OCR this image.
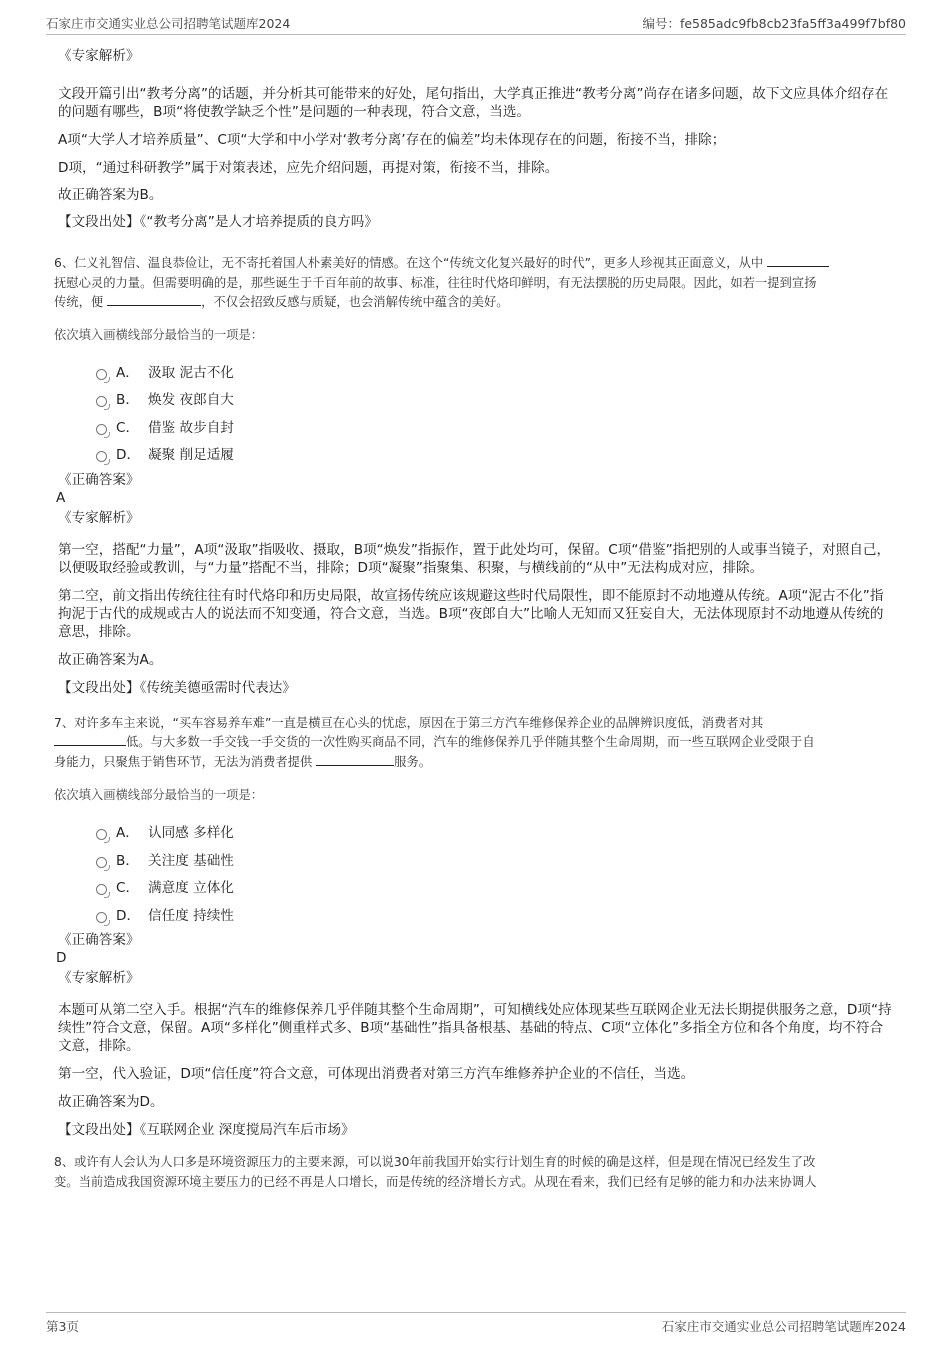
石家庄市交通实业总公司招聘笔试题库2024	编号：fe585adc9fb8cb23fa5ff3a499f7bf80
《专家解析》

文段开篇引出“教考分离”的话题，并分析其可能带来的好处，尾句指出，大学真正推进“教考分离”尚存在诸多问题，故下文应具体介绍存在的问题有哪些，B项“将使教学缺乏个性”是问题的一种表现，符合文意，当选。

A项“大学人才培养质量”、C项“大学和中小学对‘教考分离’存在的偏差”均未体现存在的问题，衔接不当，排除；

D项，“通过科研教学”属于对策表述，应先介绍问题，再提对策，衔接不当，排除。

故正确答案为B。

【文段出处】《“教考分离”是人才培养提质的良方吗》

6、仁义礼智信、温良恭俭让，无不寄托着国人朴素美好的情感。在这个“传统文化复兴最好的时代”，更多人珍视其正面意义，从中
抚慰心灵的力量。但需要明确的是，那些诞生于千百年前的故事、标准，往往时代烙印鲜明，有无法摆脱的历史局限。因此，如若一提到宣扬
传统，便	，不仅会招致反感与质疑，也会消解传统中蕴含的美好。

依次填入画横线部分最恰当的一项是：

A． 汲取 泥古不化
B． 焕发 夜郎自大
C． 借鉴 故步自封
D． 凝聚 削足适履
《正确答案》
A
《专家解析》

第一空，搭配“力量”，A项“汲取”指吸收、摄取，B项“焕发”指振作，置于此处均可，保留。C项“借鉴”指把别的人或事当镜子，对照自己，以便吸取经验或教训，与“力量”搭配不当，排除；D项“凝聚”指聚集、积聚，与横线前的“从中”无法构成对应，排除。

第二空，前文指出传统往往有时代烙印和历史局限，故宣扬传统应该规避这些时代局限性，即不能原封不动地遵从传统。A项“泥古不化”指拘泥于古代的成规或古人的说法而不知变通，符合文意，当选。B项“夜郎自大”比喻人无知而又狂妄自大，无法体现原封不动地遵从传统的意思，排除。

故正确答案为A。

【文段出处】《传统美德亟需时代表达》

7、对许多车主来说，“买车容易养车难”一直是横亘在心头的忧虑，原因在于第三方汽车维修保养企业的品牌辨识度低，消费者对其
低。与大多数一手交钱一手交货的一次性购买商品不同，汽车的维修保养几乎伴随其整个生命周期，而一些互联网企业受限于自
身能力，只聚焦于销售环节，无法为消费者提供	服务。

依次填入画横线部分最恰当的一项是：

A． 认同感 多样化
B． 关注度 基础性
C． 满意度 立体化
D． 信任度 持续性
《正确答案》
D
《专家解析》

本题可从第二空入手。根据“汽车的维修保养几乎伴随其整个生命周期”，可知横线处应体现某些互联网企业无法长期提供服务之意，D项“持续性”符合文意，保留。A项“多样化”侧重样式多、B项“基础性”指具备根基、基础的特点、C项“立体化”多指全方位和各个角度，均不符合文意，排除。

第一空，代入验证，D项“信任度”符合文意，可体现出消费者对第三方汽车维修养护企业的不信任，当选。

故正确答案为D。

【文段出处】《互联网企业 深度搅局汽车后市场》

8、或许有人会认为人口多是环境资源压力的主要来源，可以说30年前我国开始实行计划生育的时候的确是这样，但是现在情况已经发生了改
变。当前造成我国资源环境主要压力的已经不再是人口增长，而是传统的经济增长方式。从现在看来，我们已经有足够的能力和办法来协调人
第3页	石家庄市交通实业总公司招聘笔试题库2024
